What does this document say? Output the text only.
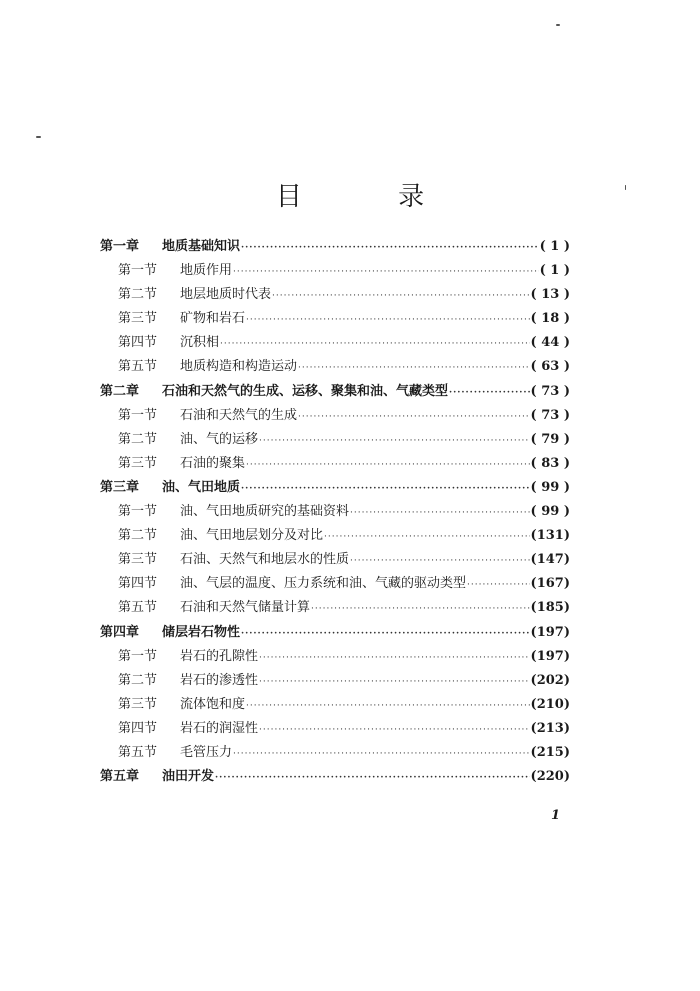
目 录
第一章	地质基础知识 ·····	( 1 )
第一节	地质作用 ·····	( 1 )
第二节	地层地质时代表 ·····	( 13 )
第三节	矿物和岩石 ·····	( 18 )
第四节	沉积相 ·····	( 44 )
第五节	地质构造和构造运动 ·····	( 63 )
第二章	石油和天然气的生成、运移、聚集和油、气藏类型 ·····	( 73 )
第一节	石油和天然气的生成 ·····	( 73 )
第二节	油、气的运移 ·····	( 79 )
第三节	石油的聚集 ·····	( 83 )
第三章	油、气田地质 ·····	( 99 )
第一节	油、气田地质研究的基础资料 ·····	( 99 )
第二节	油、气田地层划分及对比 ·····	(131)
第三节	石油、天然气和地层水的性质 ·····	(147)
第四节	油、气层的温度、压力系统和油、气藏的驱动类型 ·····	(167)
第五节	石油和天然气储量计算 ·····	(185)
第四章	储层岩石物性 ·····	(197)
第一节	岩石的孔隙性 ·····	(197)
第二节	岩石的渗透性 ·····	(202)
第三节	流体饱和度 ·····	(210)
第四节	岩石的润湿性 ·····	(213)
第五节	毛管压力 ·····	(215)
第五章	油田开发 ·····	(220)
1
